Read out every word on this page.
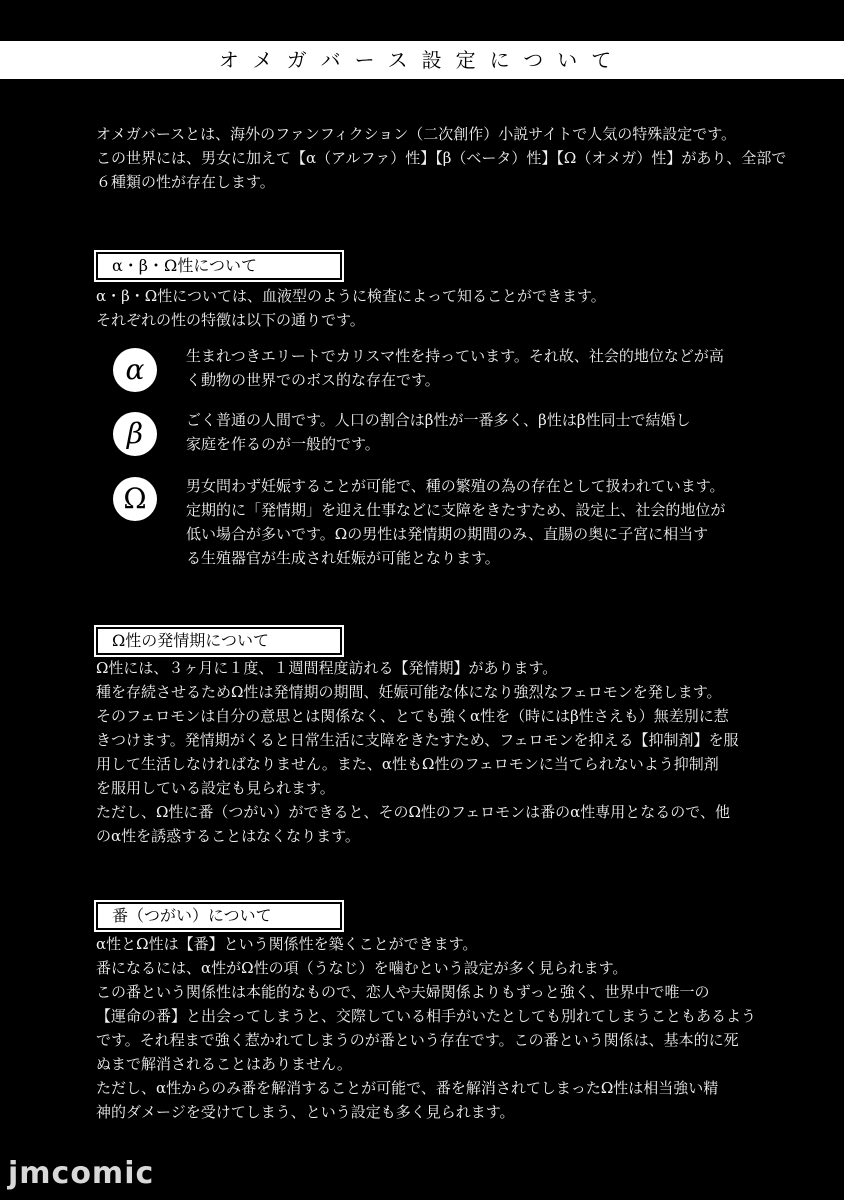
オメガバース設定について
オメガバースとは、海外のファンフィクション（二次創作）小説サイトで人気の特殊設定です。
この世界には、男女に加えて【α（アルファ）性】【β（ベータ）性】【Ω（オメガ）性】があり、全部で
６種類の性が存在します。
α・β・Ω性について
α・β・Ω性については、血液型のように検査によって知ることができます。
それぞれの性の特徴は以下の通りです。
α	生まれつきエリートでカリスマ性を持っています。それ故、社会的地位などが高
く動物の世界でのボス的な存在です。
β	ごく普通の人間です。人口の割合はβ性が一番多く、β性はβ性同士で結婚し
家庭を作るのが一般的です。
Ω	男女問わず妊娠することが可能で、種の繁殖の為の存在として扱われています。
定期的に「発情期」を迎え仕事などに支障をきたすため、設定上、社会的地位が
低い場合が多いです。Ωの男性は発情期の期間のみ、直腸の奥に子宮に相当す
る生殖器官が生成され妊娠が可能となります。
Ω性の発情期について
Ω性には、３ヶ月に１度、１週間程度訪れる【発情期】があります。
種を存続させるためΩ性は発情期の期間、妊娠可能な体になり強烈なフェロモンを発します。
そのフェロモンは自分の意思とは関係なく、とても強くα性を（時にはβ性さえも）無差別に惹
きつけます。発情期がくると日常生活に支障をきたすため、フェロモンを抑える【抑制剤】を服
用して生活しなければなりません。また、α性もΩ性のフェロモンに当てられないよう抑制剤
を服用している設定も見られます。
ただし、Ω性に番（つがい）ができると、そのΩ性のフェロモンは番のα性専用となるので、他
のα性を誘惑することはなくなります。
番（つがい）について
α性とΩ性は【番】という関係性を築くことができます。
番になるには、α性がΩ性の項（うなじ）を噛むという設定が多く見られます。
この番という関係性は本能的なもので、恋人や夫婦関係よりもずっと強く、世界中で唯一の
【運命の番】と出会ってしまうと、交際している相手がいたとしても別れてしまうこともあるよう
です。それ程まで強く惹かれてしまうのが番という存在です。この番という関係は、基本的に死
ぬまで解消されることはありません。
ただし、α性からのみ番を解消することが可能で、番を解消されてしまったΩ性は相当強い精
神的ダメージを受けてしまう、という設定も多く見られます。
jmcomic
